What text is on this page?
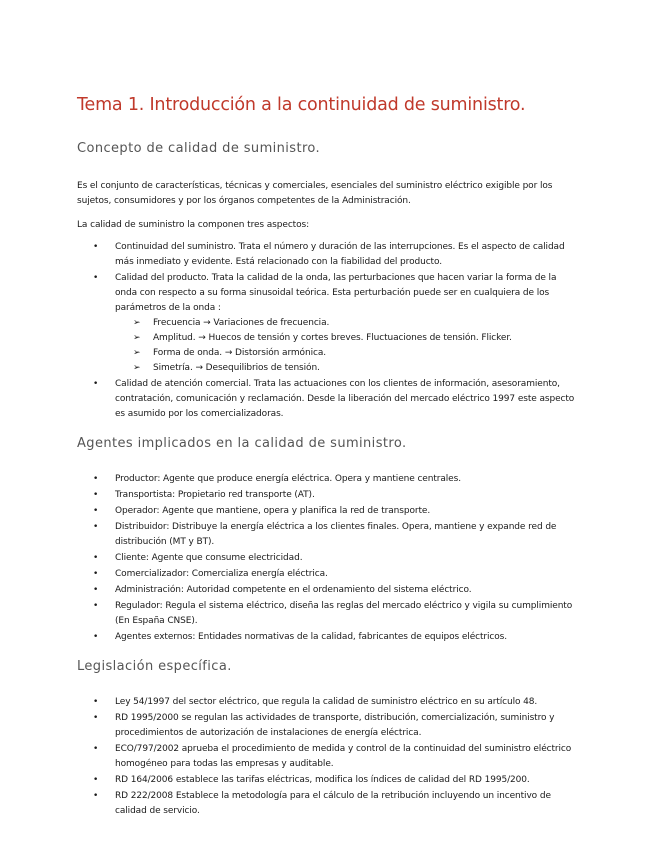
Tema 1. Introducción a la continuidad de suministro.
Concepto de calidad de suministro.

Es el conjunto de características, técnicas y comerciales, esenciales del suministro eléctrico exigible por los sujetos, consumidores y por los órganos competentes de la Administración.

La calidad de suministro la componen tres aspectos:

• Continuidad del suministro. Trata el número y duración de las interrupciones. Es el aspecto de calidad más inmediato y evidente. Está relacionado con la fiabilidad del producto.
• Calidad del producto. Trata la calidad de la onda, las perturbaciones que hacen variar la forma de la onda con respecto a su forma sinusoidal teórica. Esta perturbación puede ser en cualquiera de los parámetros de la onda :
➢ Frecuencia → Variaciones de frecuencia.
➢ Amplitud. → Huecos de tensión y cortes breves. Fluctuaciones de tensión. Flicker.
➢ Forma de onda. → Distorsión armónica.
➢ Simetría. → Desequilibrios de tensión.
• Calidad de atención comercial. Trata las actuaciones con los clientes de información, asesoramiento, contratación, comunicación y reclamación. Desde la liberación del mercado eléctrico 1997 este aspecto es asumido por los comercializadoras.
Agentes implicados en la calidad de suministro.
• Productor: Agente que produce energía eléctrica. Opera y mantiene centrales.
• Transportista: Propietario red transporte (AT).
• Operador: Agente que mantiene, opera y planifica la red de transporte.
• Distribuidor: Distribuye la energía eléctrica a los clientes finales. Opera, mantiene y expande red de distribución (MT y BT).
• Cliente: Agente que consume electricidad.
• Comercializador: Comercializa energía eléctrica.
• Administración: Autoridad competente en el ordenamiento del sistema eléctrico.
• Regulador: Regula el sistema eléctrico, diseña las reglas del mercado eléctrico y vigila su cumplimiento (En España CNSE).
• Agentes externos: Entidades normativas de la calidad, fabricantes de equipos eléctricos.
Legislación específica.
• Ley 54/1997 del sector eléctrico, que regula la calidad de suministro eléctrico en su artículo 48.
• RD 1995/2000 se regulan las actividades de transporte, distribución, comercialización, suministro y procedimientos de autorización de instalaciones de energía eléctrica.
• ECO/797/2002 aprueba el procedimiento de medida y control de la continuidad del suministro eléctrico homogéneo para todas las empresas y auditable.
• RD 164/2006 establece las tarifas eléctricas, modifica los índices de calidad del RD 1995/200.
• RD 222/2008 Establece la metodología para el cálculo de la retribución incluyendo un incentivo de calidad de servicio.
